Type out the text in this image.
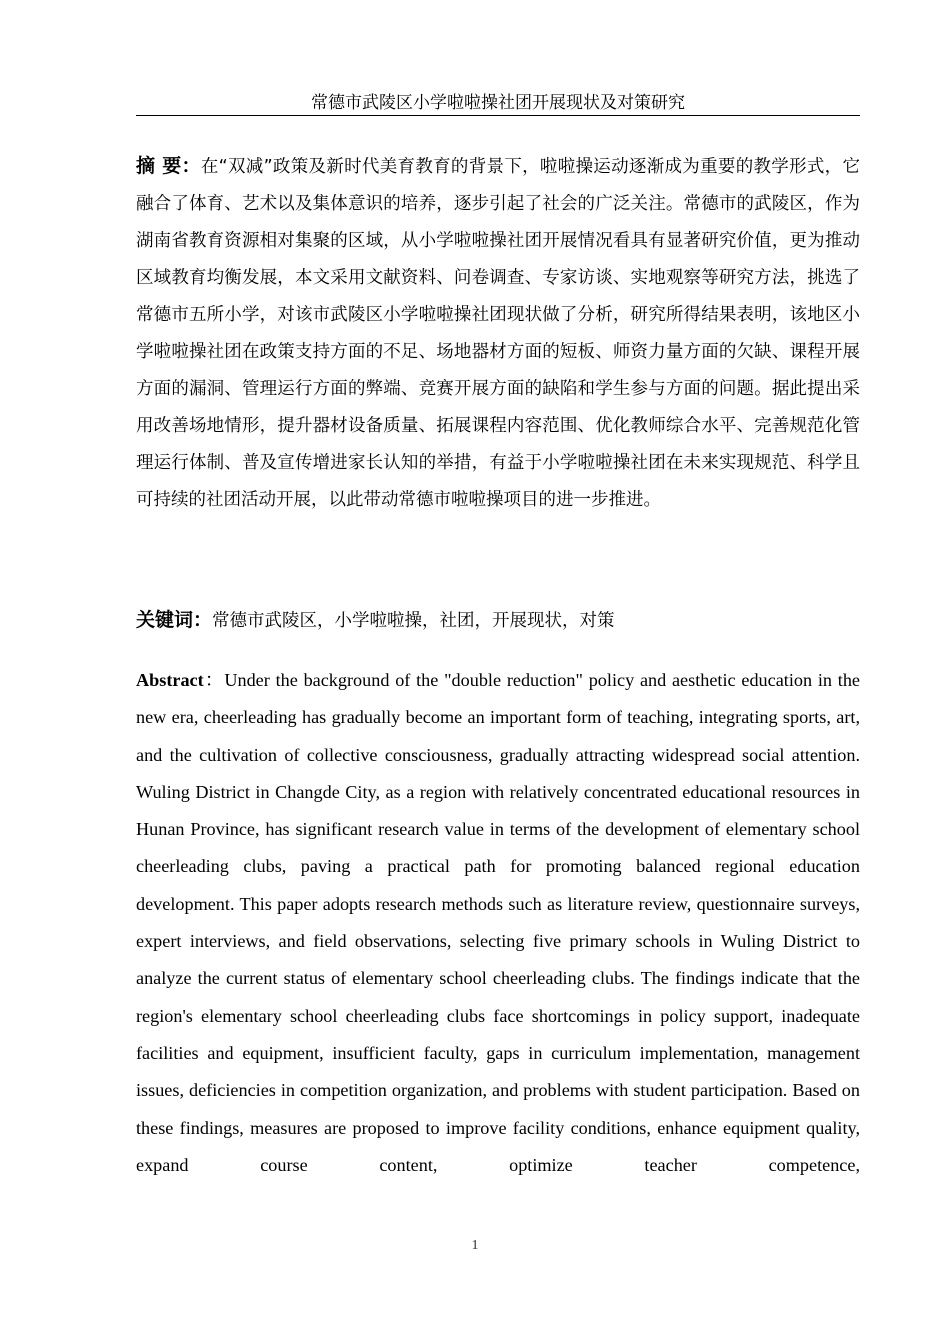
常德市武陵区小学啦啦操社团开展现状及对策研究
摘 要：在“双减”政策及新时代美育教育的背景下，啦啦操运动逐渐成为重要的教学形式，它融合了体育、艺术以及集体意识的培养，逐步引起了社会的广泛关注。常德市的武陵区，作为湖南省教育资源相对集聚的区域，从小学啦啦操社团开展情况看具有显著研究价值，更为推动区域教育均衡发展，本文采用文献资料、问卷调查、专家访谈、实地观察等研究方法，挑选了常德市五所小学，对该市武陵区小学啦啦操社团现状做了分析，研究所得结果表明，该地区小学啦啦操社团在政策支持方面的不足、场地器材方面的短板、师资力量方面的欠缺、课程开展方面的漏洞、管理运行方面的弊端、竞赛开展方面的缺陷和学生参与方面的问题。据此提出采用改善场地情形，提升器材设备质量、拓展课程内容范围、优化教师综合水平、完善规范化管理运行体制、普及宣传增进家长认知的举措，有益于小学啦啦操社团在未来实现规范、科学且可持续的社团活动开展，以此带动常德市啦啦操项目的进一步推进。
关键词：常德市武陵区，小学啦啦操，社团，开展现状，对策
Abstract：Under the background of the "double reduction" policy and aesthetic education in the new era, cheerleading has gradually become an important form of teaching, integrating sports, art, and the cultivation of collective consciousness, gradually attracting widespread social attention. Wuling District in Changde City, as a region with relatively concentrated educational resources in Hunan Province, has significant research value in terms of the development of elementary school cheerleading clubs, paving a practical path for promoting balanced regional education development. This paper adopts research methods such as literature review, questionnaire surveys, expert interviews, and field observations, selecting five primary schools in Wuling District to analyze the current status of elementary school cheerleading clubs. The findings indicate that the region's elementary school cheerleading clubs face shortcomings in policy support, inadequate facilities and equipment, insufficient faculty, gaps in curriculum implementation, management issues, deficiencies in competition organization, and problems with student participation. Based on these findings, measures are proposed to improve facility conditions, enhance equipment quality, expand course content, optimize teacher competence,
1
